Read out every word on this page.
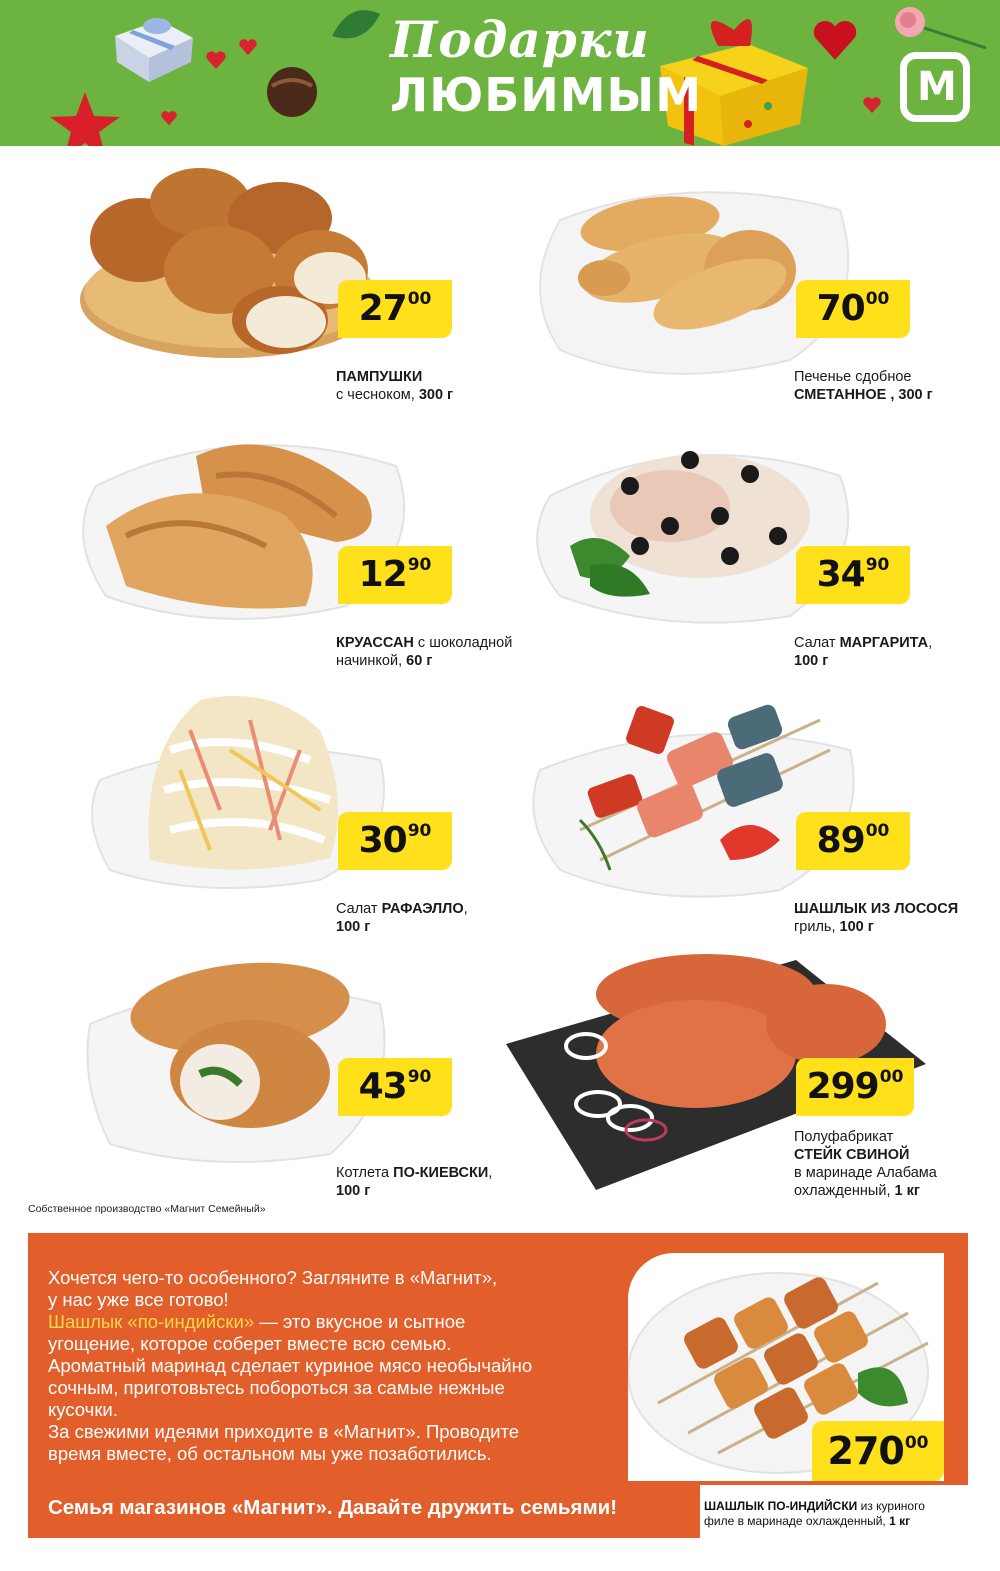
Подарки
ЛЮБИМЫМ	М
2700
ПАМПУШКИ
с чесноком, 300 г
7000
Печенье сдобное
СМЕТАННОЕ , 300 г
1290
КРУАССАН с шоколадной
начинкой, 60 г
3490
Салат МАРГАРИТА,
100 г
3090
Салат РАФАЭЛЛО,
100 г
8900
ШАШЛЫК ИЗ ЛОСОСЯ
гриль, 100 г
4390
Котлета ПО-КИЕВСКИ,
100 г
29900
Полуфабрикат
СТЕЙК СВИНОЙ
в маринаде Алабама
охлажденный, 1 кг
Собственное производство «Магнит Семейный»
Хочется чего-то особенного? Загляните в «Магнит»,
у нас уже все готово!
Шашлык «по-индийски» — это вкусное и сытное
угощение, которое соберет вместе всю семью.
Ароматный маринад сделает куриное мясо необычайно
сочным, приготовьтесь побороться за самые нежные
кусочки.
За свежими идеями приходите в «Магнит». Проводите
время вместе, об остальном мы уже позаботились.
Семья магазинов «Магнит». Давайте дружить семьями!
27000
ШАШЛЫК ПО-ИНДИЙСКИ из куриного
филе в маринаде охлажденный, 1 кг
